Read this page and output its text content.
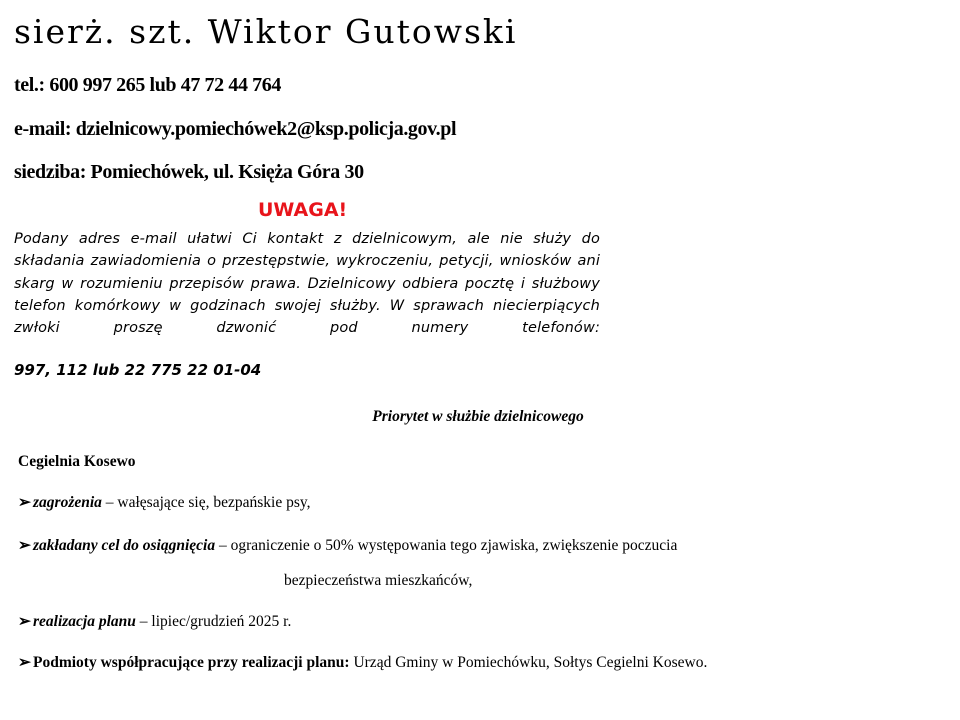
sierż. szt. Wiktor Gutowski
tel.: 600 997 265 lub 47 72 44 764
e-mail: dzielnicowy.pomiechówek2@ksp.policja.gov.pl
siedziba: Pomiechówek, ul. Księża Góra 30
UWAGA!
Podany adres e-mail ułatwi Ci kontakt z dzielnicowym, ale nie służy do składania zawiadomienia o przestępstwie, wykroczeniu, petycji, wniosków ani skarg w rozumieniu przepisów prawa. Dzielnicowy odbiera pocztę i służbowy telefon komórkowy w godzinach swojej służby. W sprawach niecierpiących zwłoki proszę dzwonić pod numery telefonów:
997, 112 lub 22 775 22 01-04
Priorytet w służbie dzielnicowego
Cegielnia Kosewo
➢ zagrożenia – wałęsające się, bezpańskie psy,
➢ zakładany cel do osiągnięcia – ograniczenie o 50% występowania tego zjawiska, zwiększenie poczucia
bezpieczeństwa mieszkańców,
➢ realizacja planu – lipiec/grudzień 2025 r.
➢ Podmioty współpracujące przy realizacji planu: Urząd Gminy w Pomiechówku, Sołtys Cegielni Kosewo.
